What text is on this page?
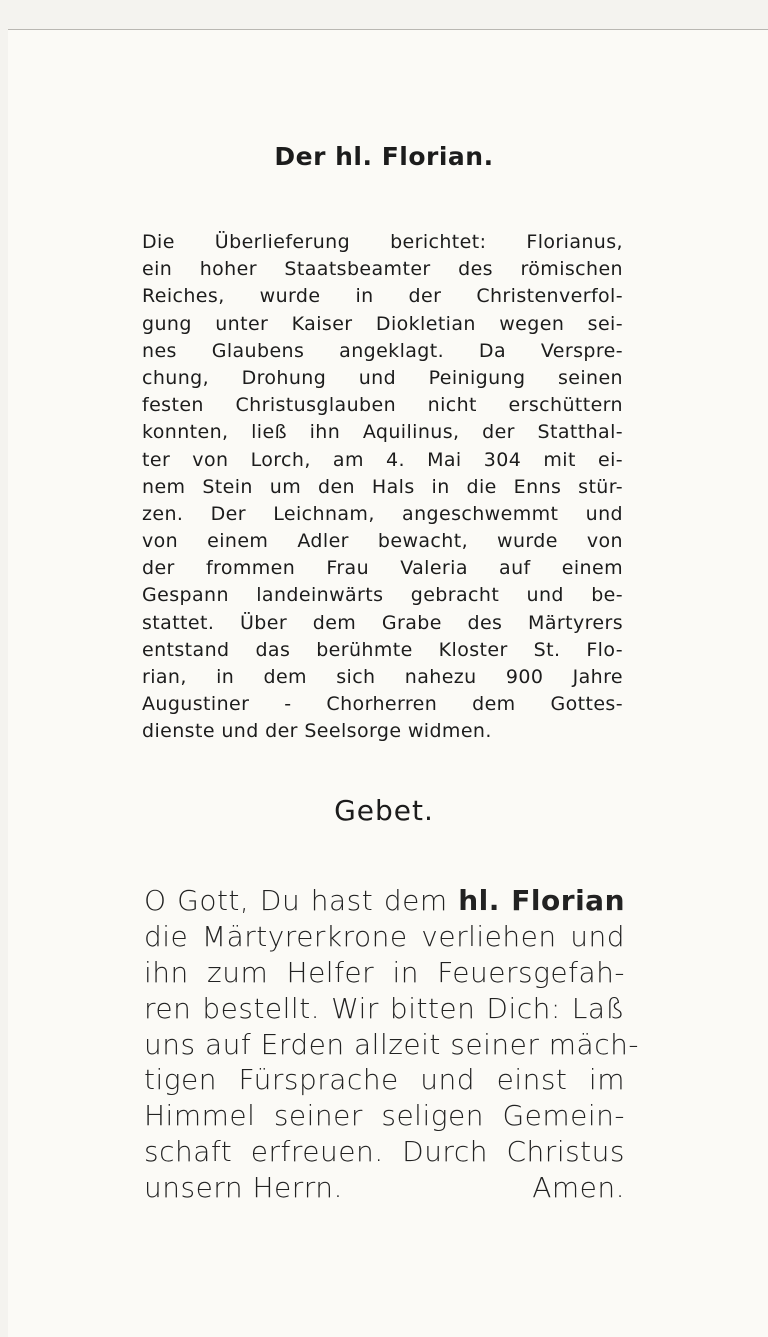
Der hl. Florian.
Die Überlieferung berichtet: Florianus,
ein hoher Staatsbeamter des römischen
Reiches, wurde in der Christenverfol-
gung unter Kaiser Diokletian wegen sei-
nes Glaubens angeklagt. Da Verspre-
chung, Drohung und Peinigung seinen
festen Christusglauben nicht erschüttern
konnten, ließ ihn Aquilinus, der Statthal-
ter von Lorch, am 4. Mai 304 mit ei-
nem Stein um den Hals in die Enns stür-
zen. Der Leichnam, angeschwemmt und
von einem Adler bewacht, wurde von
der frommen Frau Valeria auf einem
Gespann landeinwärts gebracht und be-
stattet. Über dem Grabe des Märtyrers
entstand das berühmte Kloster St. Flo-
rian, in dem sich nahezu 900 Jahre
Augustiner - Chorherren dem Gottes-
dienste und der Seelsorge widmen.
Gebet.
O Gott, Du hast dem hl. Florian
die Märtyrerkrone verliehen und
ihn zum Helfer in Feuersgefah-
ren bestellt. Wir bitten Dich: Laß
uns auf Erden allzeit seiner mäch-
tigen Fürsprache und einst im
Himmel seiner seligen Gemein-
schaft erfreuen. Durch Christus
unsern Herrn.	Amen.
